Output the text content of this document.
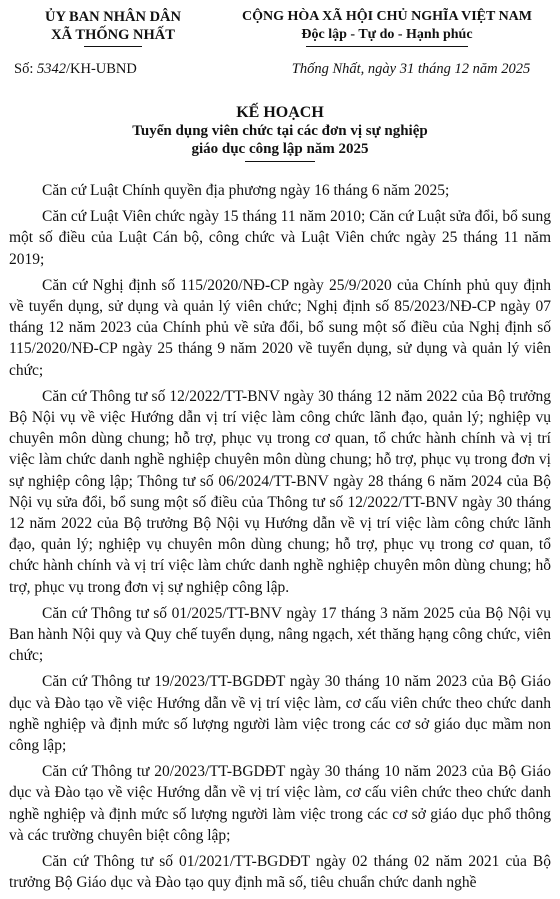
ỦY BAN NHÂN DÂN
XÃ THỐNG NHẤT
CỘNG HÒA XÃ HỘI CHỦ NGHĨA VIỆT NAM
Độc lập - Tự do - Hạnh phúc
Số: 5342/KH-UBND	Thống Nhất, ngày 31 tháng 12 năm 2025
KẾ HOẠCH
Tuyển dụng viên chức tại các đơn vị sự nghiệp
giáo dục công lập năm 2025

Căn cứ Luật Chính quyền địa phương ngày 16 tháng 6 năm 2025;

Căn cứ Luật Viên chức ngày 15 tháng 11 năm 2010; Căn cứ Luật sửa đổi, bổ sung một số điều của Luật Cán bộ, công chức và Luật Viên chức ngày 25 tháng 11 năm 2019;

Căn cứ Nghị định số 115/2020/NĐ-CP ngày 25/9/2020 của Chính phủ quy định về tuyển dụng, sử dụng và quản lý viên chức; Nghị định số 85/2023/NĐ-CP ngày 07 tháng 12 năm 2023 của Chính phủ về sửa đổi, bổ sung một số điều của Nghị định số 115/2020/NĐ-CP ngày 25 tháng 9 năm 2020 về tuyển dụng, sử dụng và quản lý viên chức;

Căn cứ Thông tư số 12/2022/TT-BNV ngày 30 tháng 12 năm 2022 của Bộ trưởng Bộ Nội vụ về việc Hướng dẫn vị trí việc làm công chức lãnh đạo, quản lý; nghiệp vụ chuyên môn dùng chung; hỗ trợ, phục vụ trong cơ quan, tổ chức hành chính và vị trí việc làm chức danh nghề nghiệp chuyên môn dùng chung; hỗ trợ, phục vụ trong đơn vị sự nghiệp công lập; Thông tư số 06/2024/TT-BNV ngày 28 tháng 6 năm 2024 của Bộ Nội vụ sửa đổi, bổ sung một số điều của Thông tư số 12/2022/TT-BNV ngày 30 tháng 12 năm 2022 của Bộ trưởng Bộ Nội vụ Hướng dẫn về vị trí việc làm công chức lãnh đạo, quản lý; nghiệp vụ chuyên môn dùng chung; hỗ trợ, phục vụ trong cơ quan, tổ chức hành chính và vị trí việc làm chức danh nghề nghiệp chuyên môn dùng chung; hỗ trợ, phục vụ trong đơn vị sự nghiệp công lập.

Căn cứ Thông tư số 01/2025/TT-BNV ngày 17 tháng 3 năm 2025 của Bộ Nội vụ Ban hành Nội quy và Quy chế tuyển dụng, nâng ngạch, xét thăng hạng công chức, viên chức;

Căn cứ Thông tư 19/2023/TT-BGDĐT ngày 30 tháng 10 năm 2023 của Bộ Giáo dục và Đào tạo về việc Hướng dẫn về vị trí việc làm, cơ cấu viên chức theo chức danh nghề nghiệp và định mức số lượng người làm việc trong các cơ sở giáo dục mầm non công lập;

Căn cứ Thông tư 20/2023/TT-BGDĐT ngày 30 tháng 10 năm 2023 của Bộ Giáo dục và Đào tạo về việc Hướng dẫn về vị trí việc làm, cơ cấu viên chức theo chức danh nghề nghiệp và định mức số lượng người làm việc trong các cơ sở giáo dục phổ thông và các trường chuyên biệt công lập;

Căn cứ Thông tư số 01/2021/TT-BGDĐT ngày 02 tháng 02 năm 2021 của Bộ trưởng Bộ Giáo dục và Đào tạo quy định mã số, tiêu chuẩn chức danh nghề
